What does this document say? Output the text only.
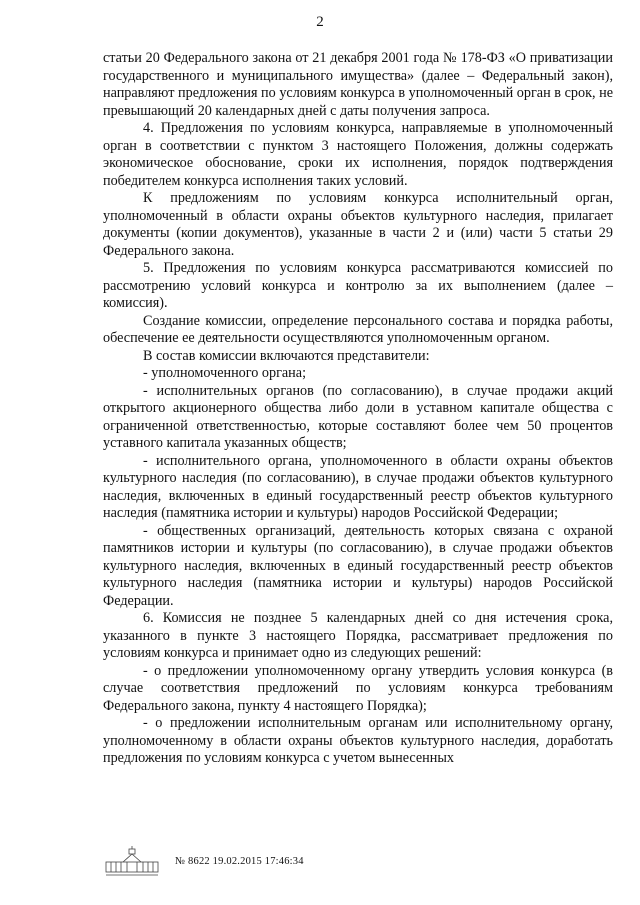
2

статьи 20 Федерального закона от 21 декабря 2001 года № 178-ФЗ «О приватизации государственного и муниципального имущества» (далее – Федеральный закон), направляют предложения по условиям конкурса в уполномоченный орган в срок, не превышающий 20 календарных дней с даты получения запроса.

4. Предложения по условиям конкурса, направляемые в уполномоченный орган в соответствии с пунктом 3 настоящего Положения, должны содержать экономическое обоснование, сроки их исполнения, порядок подтверждения победителем конкурса исполнения таких условий.

К предложениям по условиям конкурса исполнительный орган, уполномоченный в области охраны объектов культурного наследия, прилагает документы (копии документов), указанные в части 2 и (или) части 5 статьи 29 Федерального закона.

5. Предложения по условиям конкурса рассматриваются комиссией по рассмотрению условий конкурса и контролю за их выполнением (далее – комиссия).

Создание комиссии, определение персонального состава и порядка работы, обеспечение ее деятельности осуществляются уполномоченным органом.

В состав комиссии включаются представители:

- уполномоченного органа;

- исполнительных органов (по согласованию), в случае продажи акций открытого акционерного общества либо доли в уставном капитале общества с ограниченной ответственностью, которые составляют более чем 50 процентов уставного капитала указанных обществ;

- исполнительного органа, уполномоченного в области охраны объектов культурного наследия (по согласованию), в случае продажи объектов культурного наследия, включенных в единый государственный реестр объектов культурного наследия (памятника истории и культуры) народов Российской Федерации;

- общественных организаций, деятельность которых связана с охраной памятников истории и культуры (по согласованию), в случае продажи объектов культурного наследия, включенных в единый государственный реестр объектов культурного наследия (памятника истории и культуры) народов Российской Федерации.

6. Комиссия не позднее 5 календарных дней со дня истечения срока, указанного в пункте 3 настоящего Порядка, рассматривает предложения по условиям конкурса и принимает одно из следующих решений:

- о предложении уполномоченному органу утвердить условия конкурса (в случае соответствия предложений по условиям конкурса требованиям Федерального закона, пункту 4 настоящего Порядка);

- о предложении исполнительным органам или исполнительному органу, уполномоченному в области охраны объектов культурного наследия, доработать предложения по условиям конкурса с учетом вынесенных

№ 8622 19.02.2015 17:46:34
